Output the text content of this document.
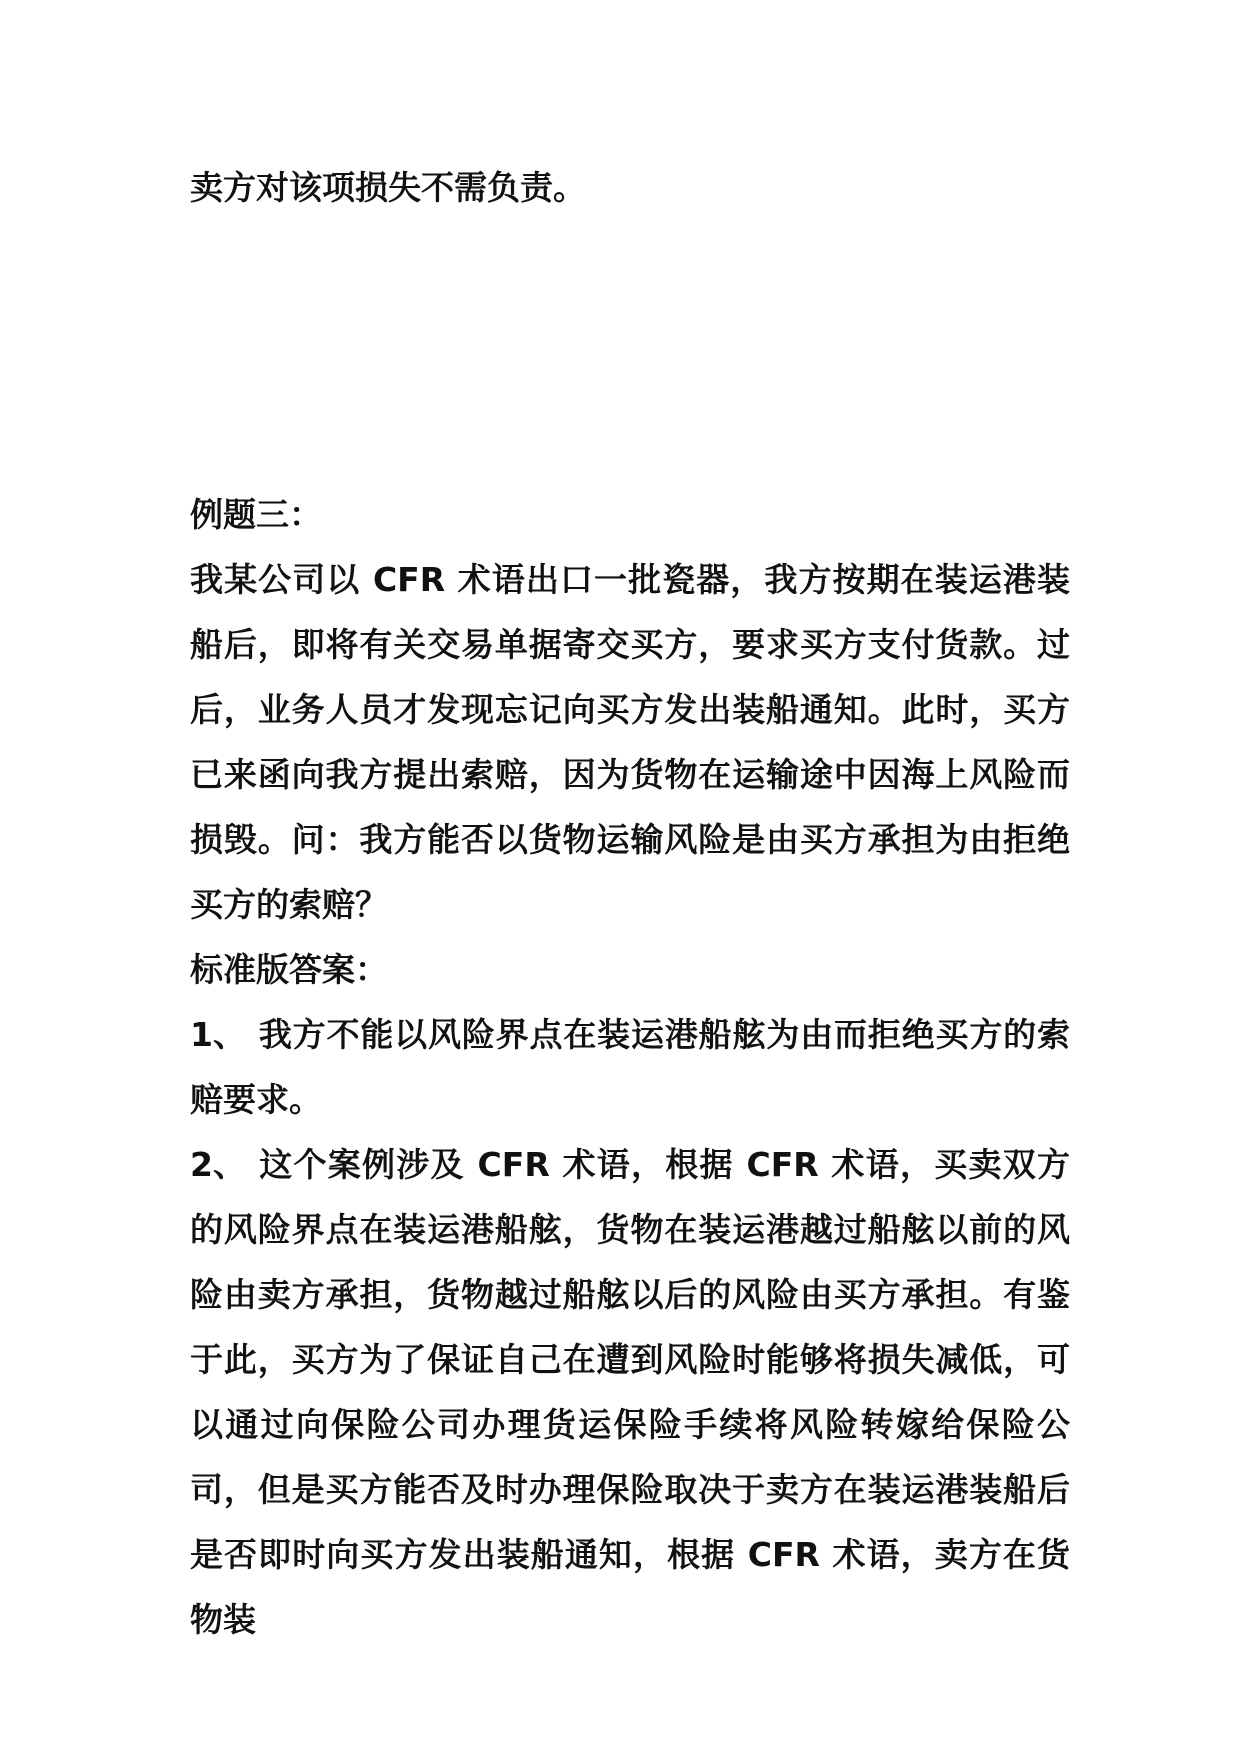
卖方对该项损失不需负责。

例题三：

我某公司以 CFR 术语出口一批瓷器，我方按期在装运港装船后，即将有关交易单据寄交买方，要求买方支付货款。过后，业务人员才发现忘记向买方发出装船通知。此时，买方已来函向我方提出索赔，因为货物在运输途中因海上风险而损毁。问：我方能否以货物运输风险是由买方承担为由拒绝买方的索赔？

标准版答案：

1、 我方不能以风险界点在装运港船舷为由而拒绝买方的索赔要求。

2、 这个案例涉及 CFR 术语，根据 CFR 术语，买卖双方的风险界点在装运港船舷，货物在装运港越过船舷以前的风险由卖方承担，货物越过船舷以后的风险由买方承担。有鉴于此，买方为了保证自己在遭到风险时能够将损失减低，可以通过向保险公司办理货运保险手续将风险转嫁给保险公司，但是买方能否及时办理保险取决于卖方在装运港装船后是否即时向买方发出装船通知，根据 CFR 术语，卖方在货物装
